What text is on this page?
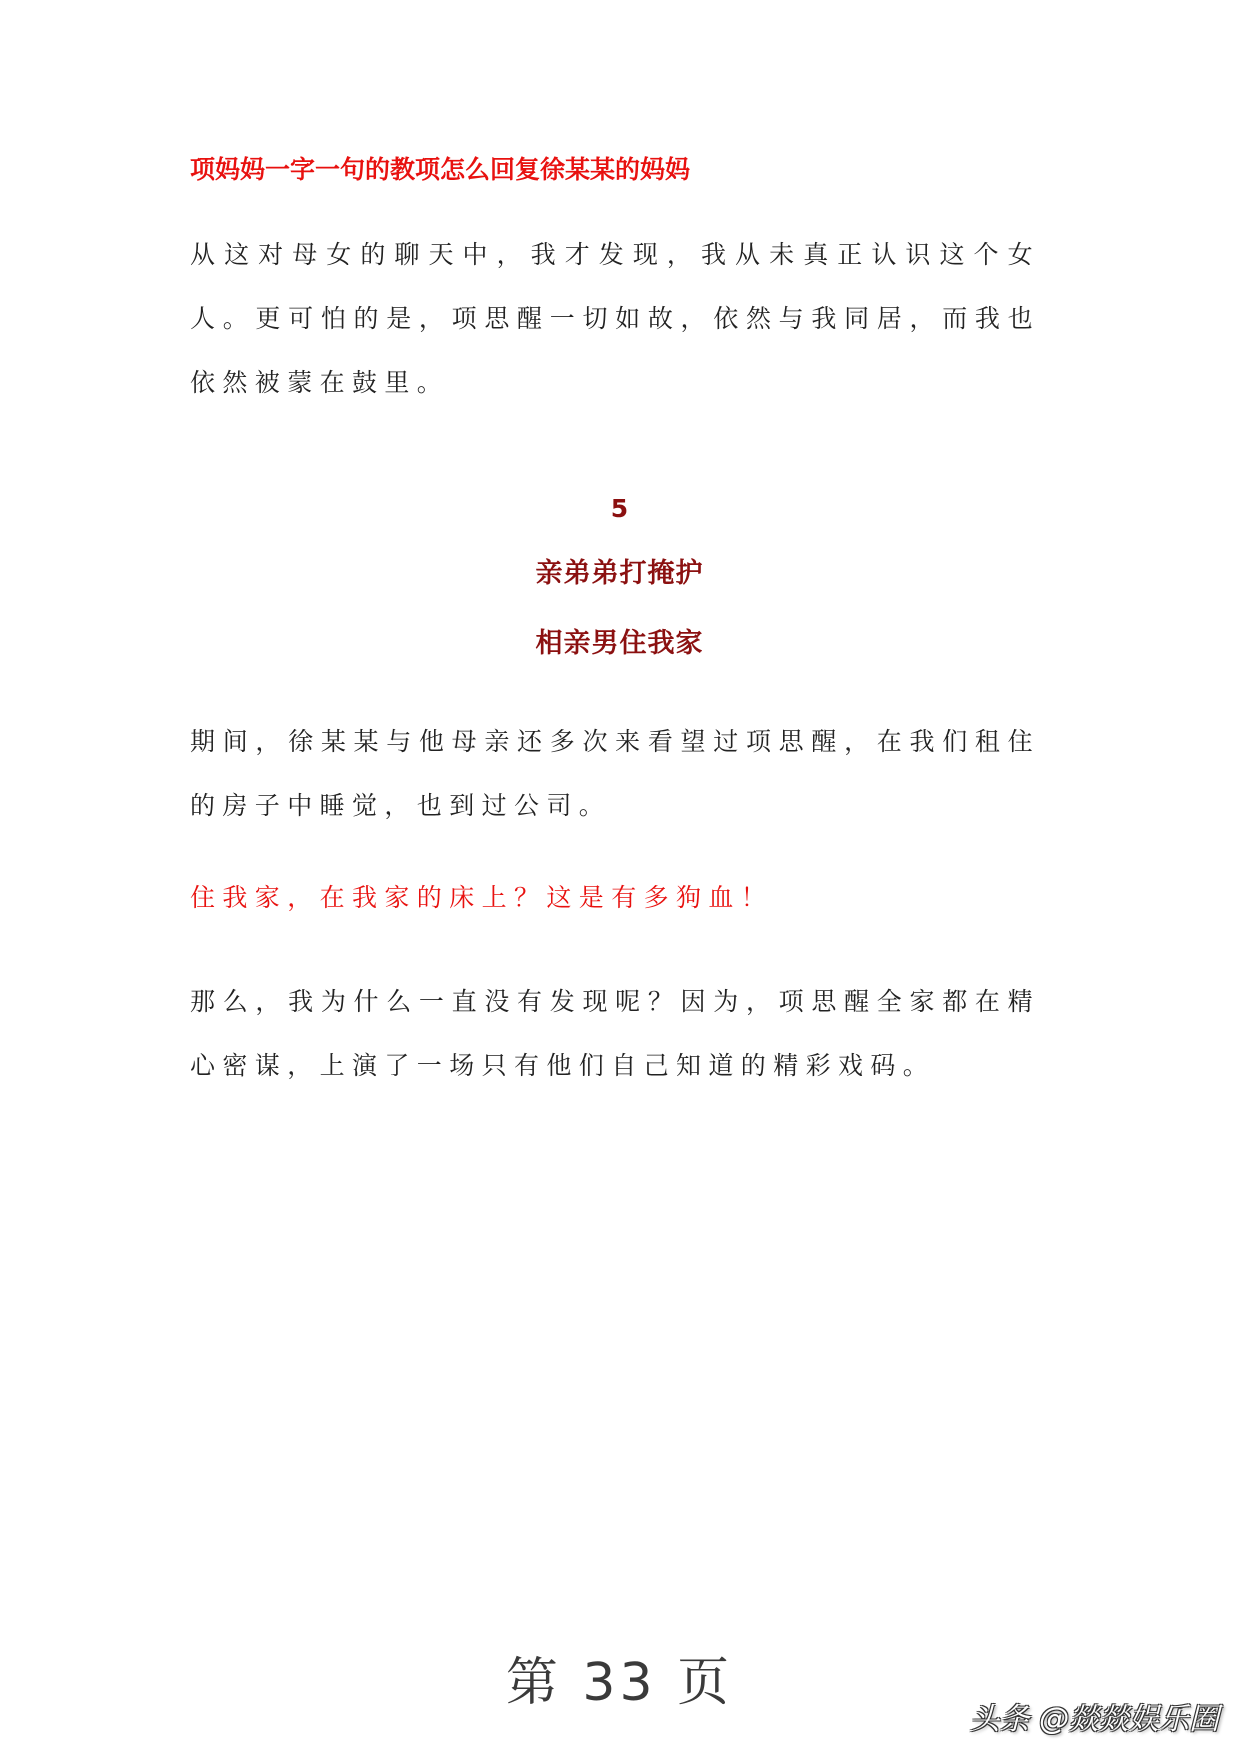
项妈妈一字一句的教项怎么回复徐某某的妈妈
从这对母女的聊天中，我才发现，我从未真正认识这个女人。更可怕的是，项思醒一切如故，依然与我同居，而我也依然被蒙在鼓里。
5
亲弟弟打掩护
相亲男住我家
期间，徐某某与他母亲还多次来看望过项思醒，在我们租住的房子中睡觉，也到过公司。
住我家，在我家的床上？这是有多狗血！
那么，我为什么一直没有发现呢？因为，项思醒全家都在精心密谋，上演了一场只有他们自己知道的精彩戏码。
第 33 页
头条 @燚燚娱乐圈
